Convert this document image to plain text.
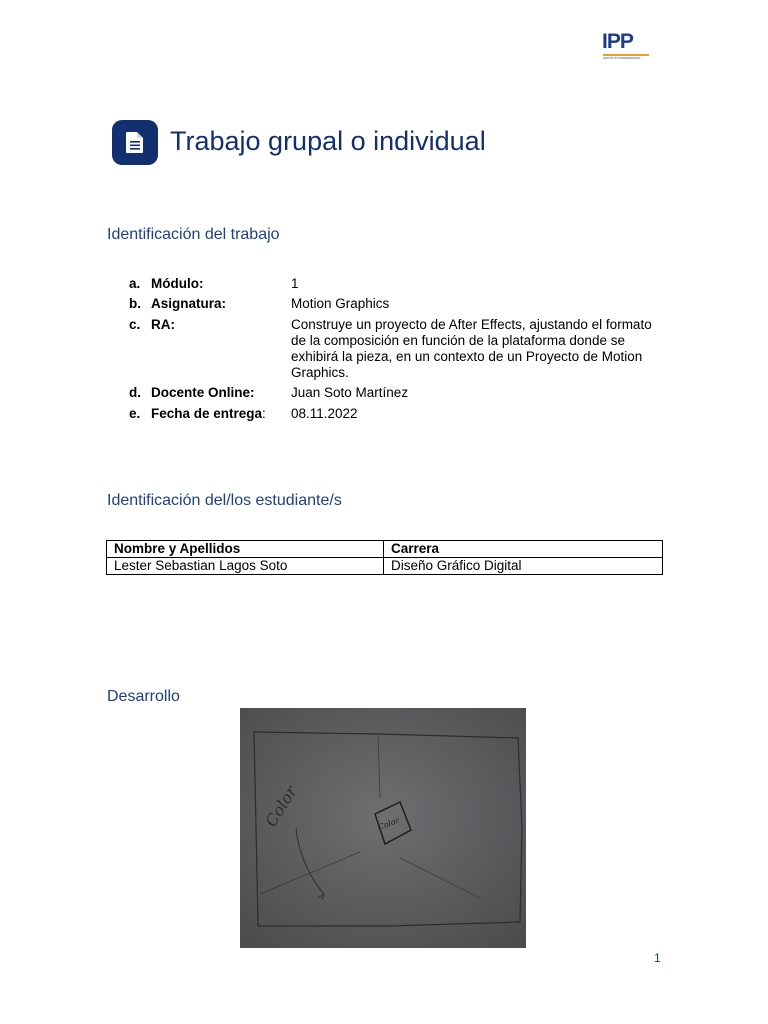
IPP
INSTITUTO PROFESIONAL
Trabajo grupal o individual
Identificación del trabajo
a. Módulo:	1
b. Asignatura:	Motion Graphics
c. RA:	Construye un proyecto de After Effects, ajustando el formato de la composición en función de la plataforma donde se exhibirá la pieza, en un contexto de un Proyecto de Motion Graphics.
d. Docente Online:	Juan Soto Martínez
e. Fecha de entrega: 08.11.2022
Identificación del/los estudiante/s
Nombre y Apellidos	Carrera
Lester Sebastian Lagos Soto	Diseño Gráfico Digital
Desarrollo
Color	Color
1
